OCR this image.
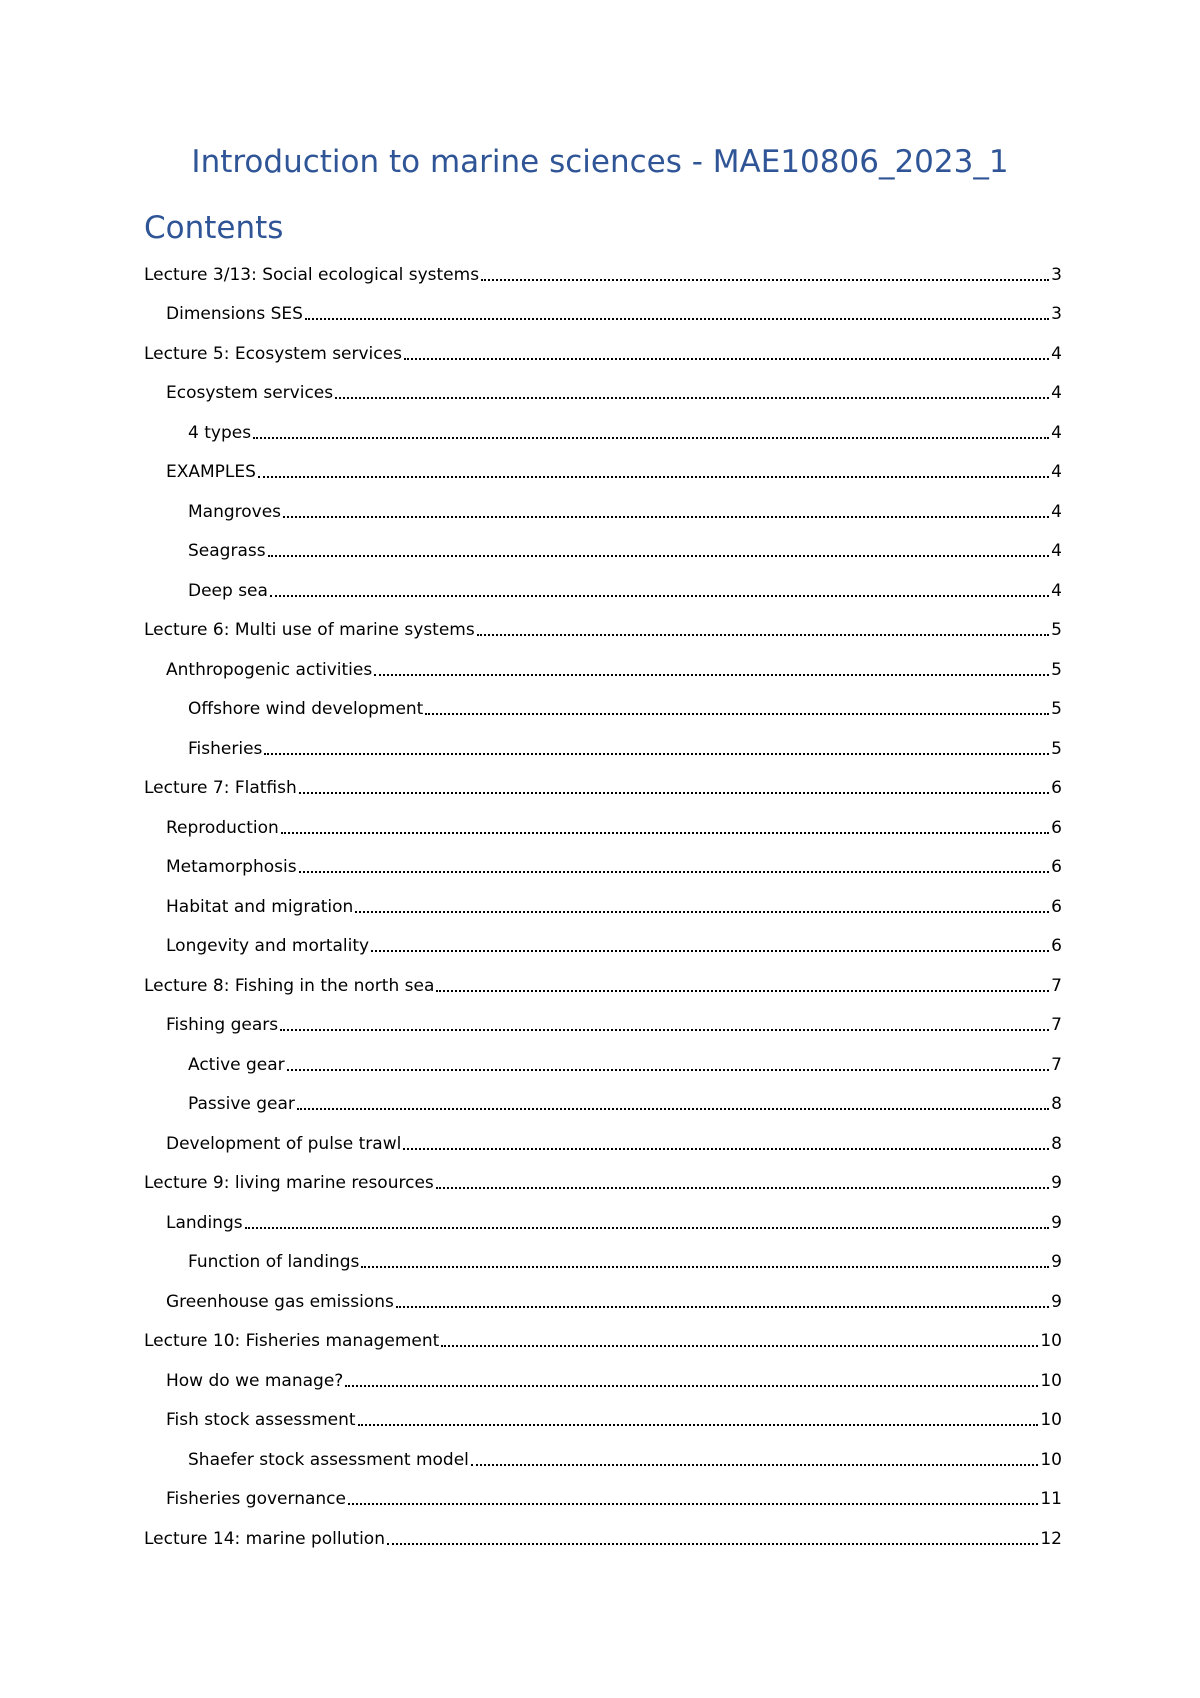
Introduction to marine sciences - MAE10806_2023_1
Contents
Lecture 3/13: Social ecological systems	3
Dimensions SES	3
Lecture 5: Ecosystem services	4
Ecosystem services	4
4 types	4
EXAMPLES	4
Mangroves	4
Seagrass	4
Deep sea	4
Lecture 6: Multi use of marine systems	5
Anthropogenic activities	5
Offshore wind development	5
Fisheries	5
Lecture 7: Flatfish	6
Reproduction	6
Metamorphosis	6
Habitat and migration	6
Longevity and mortality	6
Lecture 8: Fishing in the north sea	7
Fishing gears	7
Active gear	7
Passive gear	8
Development of pulse trawl	8
Lecture 9: living marine resources	9
Landings	9
Function of landings	9
Greenhouse gas emissions	9
Lecture 10: Fisheries management	10
How do we manage?	10
Fish stock assessment	10
Shaefer stock assessment model	10
Fisheries governance	11
Lecture 14: marine pollution	12
